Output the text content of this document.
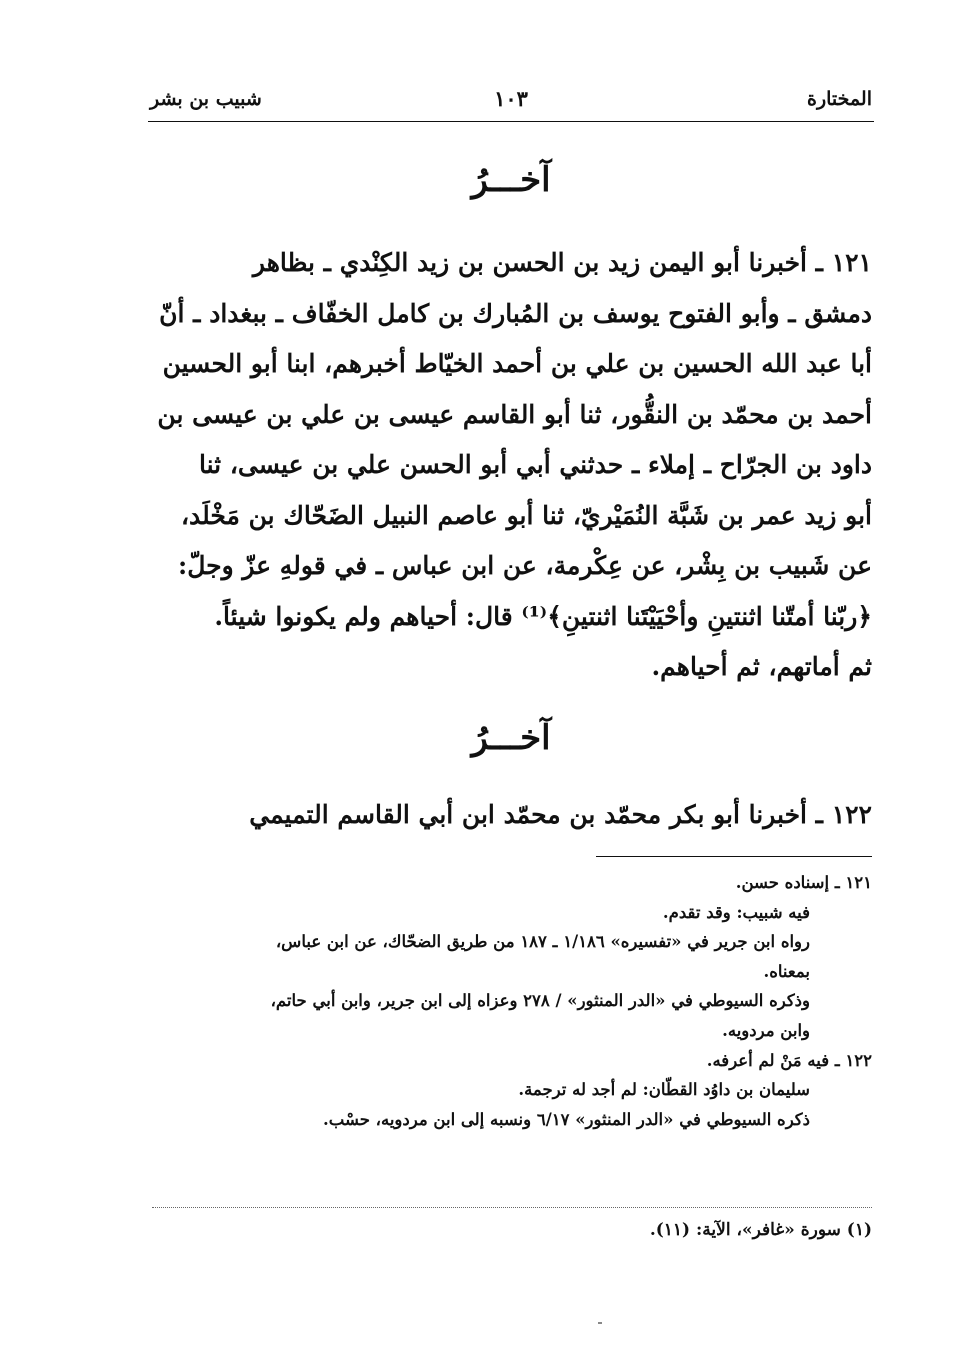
المختارة
١٠٣
شبيب بن بشر
آخـــرُ
١٢١ ـ أخبرنا أبو اليمن زيد بن الحسن بن زيد الكِنْدي ـ بظاهر
دمشق ـ وأبو الفتوح يوسف بن المُبارك بن كامل الخفّاف ـ ببغداد ـ أنّ
أبا عبد الله الحسين بن علي بن أحمد الخيّاط أخبرهم، ابنا أبو الحسين
أحمد بن محمّد بن النقُّور، ثنا أبو القاسم عيسى بن علي بن عيسى بن
داود بن الجرّاح ـ إملاء ـ حدثني أبي أبو الحسن علي بن عيسى، ثنا
أبو زيد عمر بن شَبَّة النُمَيْريّ، ثنا أبو عاصم النبيل الضَحّاك بن مَخْلَد،
عن شَبيب بن بِشْر، عن عِكْرمة، عن ابن عباس ـ في قولهِ عزّ وجلّ:
﴿ربّنا أمتّنا اثنتينِ وأحْيَيْتَنا اثنتينِ﴾⁽¹⁾ قال: أحياهم ولم يكونوا شيئاً.
ثم أماتهم، ثم أحياهم.
آخـــرُ
١٢٢ ـ أخبرنا أبو بكر محمّد بن محمّد ابن أبي القاسم التميمي
١٢١ ـ إسناده حسن.
فيه شبيب: وقد تقدم.
رواه ابن جرير في «تفسيره» ١/١٨٦ ـ ١٨٧ من طريق الضحّاك، عن ابن عباس،
بمعناه.
وذكره السيوطي في «الدر المنثور» / ٢٧٨ وعزاه إلى ابن جرير، وابن أبي حاتم،
وابن مردويه.
١٢٢ ـ فيه مَنْ لم أعرفه.
سليمان بن داوُد القطّان: لم أجد له ترجمة.
ذكره السيوطي في «الدر المنثور» ٦/١٧ ونسبه إلى ابن مردويه، حسْب.
(١) سورة «غافر»، الآية: (١١).
